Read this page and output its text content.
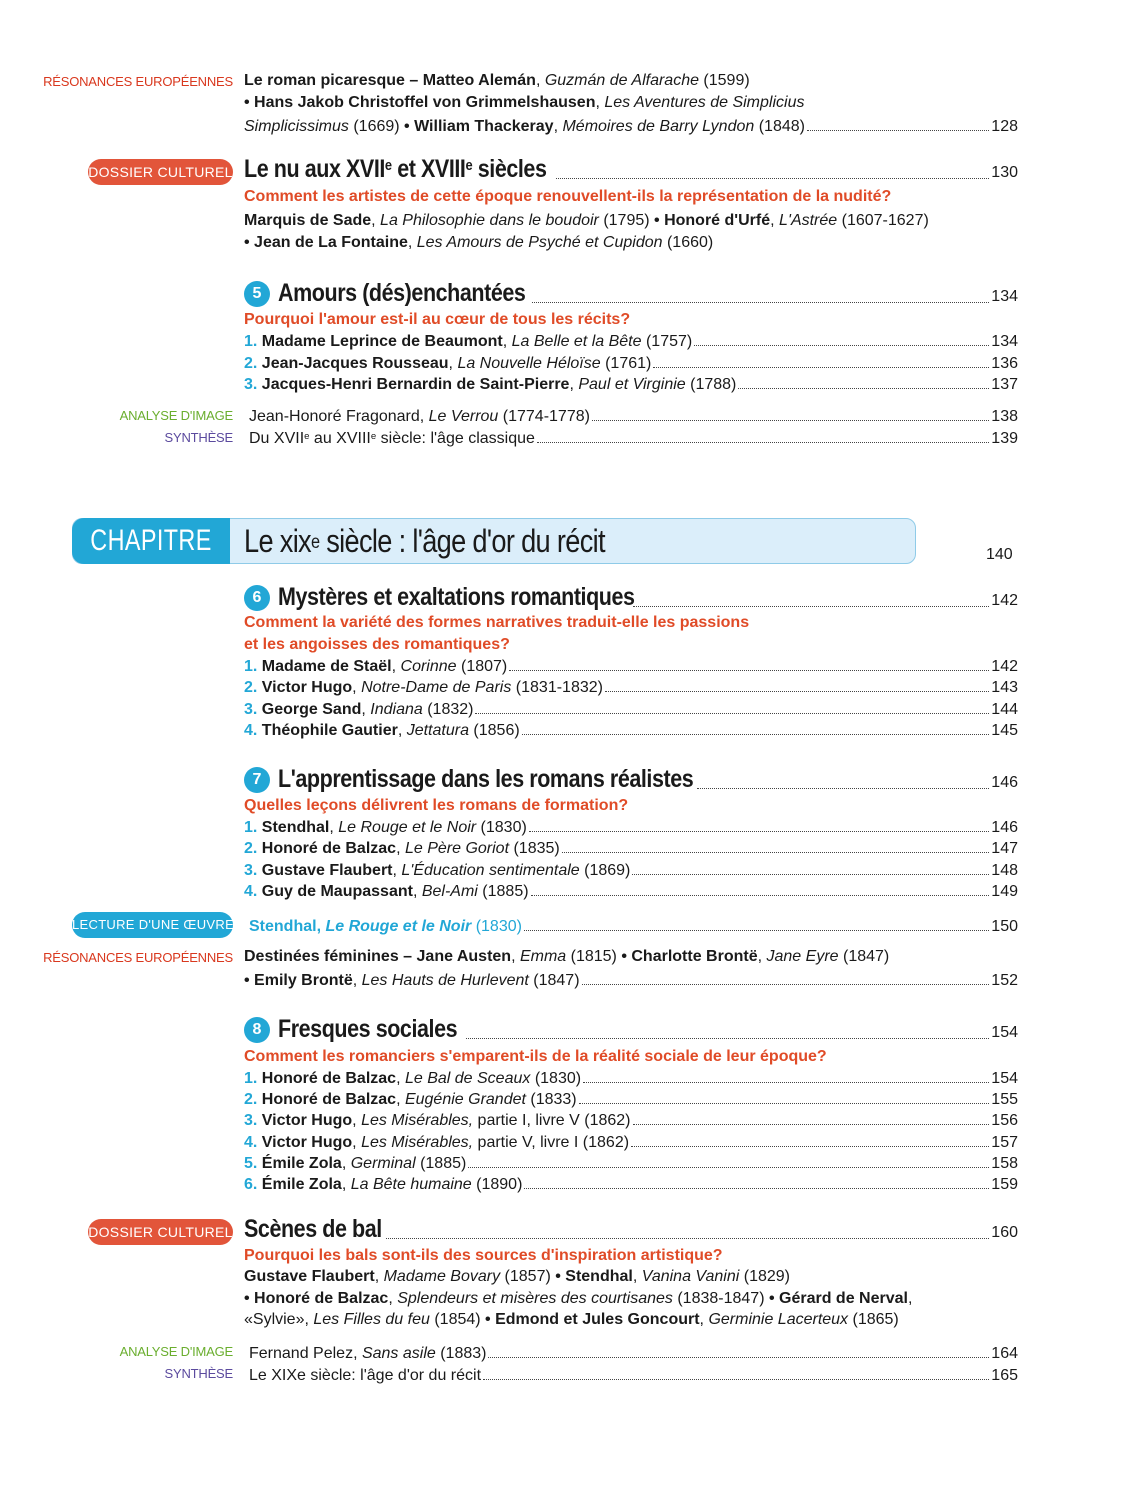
RÉSONANCES EUROPÉENNES Le roman picaresque – Matteo Alemán, Guzmán de Alfarache (1599)
• Hans Jakob Christoffel von Grimmelshausen, Les Aventures de Simplicius
Simplicissimus (1669) • William Thackeray, Mémoires de Barry Lyndon (1848)	128
DOSSIER CULTUREL Le nu aux XVIIe et XVIIIe siècles	130
Comment les artistes de cette époque renouvellent-ils la représentation de la nudité?
Marquis de Sade, La Philosophie dans le boudoir (1795) • Honoré d'Urfé, L'Astrée (1607-1627)
• Jean de La Fontaine, Les Amours de Psyché et Cupidon (1660)
5 Amours (dés)enchantées	134
Pourquoi l'amour est-il au cœur de tous les récits?
1. Madame Leprince de Beaumont, La Belle et la Bête (1757)	134
2. Jean-Jacques Rousseau, La Nouvelle Héloïse (1761)	136
3. Jacques-Henri Bernardin de Saint-Pierre, Paul et Virginie (1788)	137
ANALYSE D'IMAGE Jean-Honoré Fragonard, Le Verrou (1774-1778)	138
SYNTHÈSE Du XVIIe au XVIIIe siècle: l'âge classique	139
CHAPITRE 3
Le xix$^e$ siècle : l'âge d'or du récit	140
6 Mystères et exaltations romantiques	142
Comment la variété des formes narratives traduit-elle les passions
et les angoisses des romantiques?
1. Madame de Staël, Corinne (1807)	142
2. Victor Hugo, Notre-Dame de Paris (1831-1832)	143
3. George Sand, Indiana (1832)	144
4. Théophile Gautier, Jettatura (1856)	145
7 L'apprentissage dans les romans réalistes	146
Quelles leçons délivrent les romans de formation?
1. Stendhal, Le Rouge et le Noir (1830)	146
2. Honoré de Balzac, Le Père Goriot (1835)	147
3. Gustave Flaubert, L'Éducation sentimentale (1869)	148
4. Guy de Maupassant, Bel-Ami (1885)	149
LECTURE D'UNE ŒUVRE Stendhal, Le Rouge et le Noir (1830)	150
RÉSONANCES EUROPÉENNES Destinées féminines – Jane Austen, Emma (1815) • Charlotte Brontë, Jane Eyre (1847)
• Emily Brontë, Les Hauts de Hurlevent (1847)	152
8 Fresques sociales	154
Comment les romanciers s'emparent-ils de la réalité sociale de leur époque?
1. Honoré de Balzac, Le Bal de Sceaux (1830)	154
2. Honoré de Balzac, Eugénie Grandet (1833)	155
3. Victor Hugo, Les Misérables, partie I, livre V (1862)	156
4. Victor Hugo, Les Misérables, partie V, livre I (1862)	157
5. Émile Zola, Germinal (1885)	158
6. Émile Zola, La Bête humaine (1890)	159
DOSSIER CULTUREL Scènes de bal	160
Pourquoi les bals sont-ils des sources d'inspiration artistique?
Gustave Flaubert, Madame Bovary (1857) • Stendhal, Vanina Vanini (1829)
• Honoré de Balzac, Splendeurs et misères des courtisanes (1838-1847) • Gérard de Nerval,
«Sylvie», Les Filles du feu (1854) • Edmond et Jules Goncourt, Germinie Lacerteux (1865)
ANALYSE D'IMAGE Fernand Pelez, Sans asile (1883)	164
SYNTHÈSE Le XIXe siècle: l'âge d'or du récit	165
